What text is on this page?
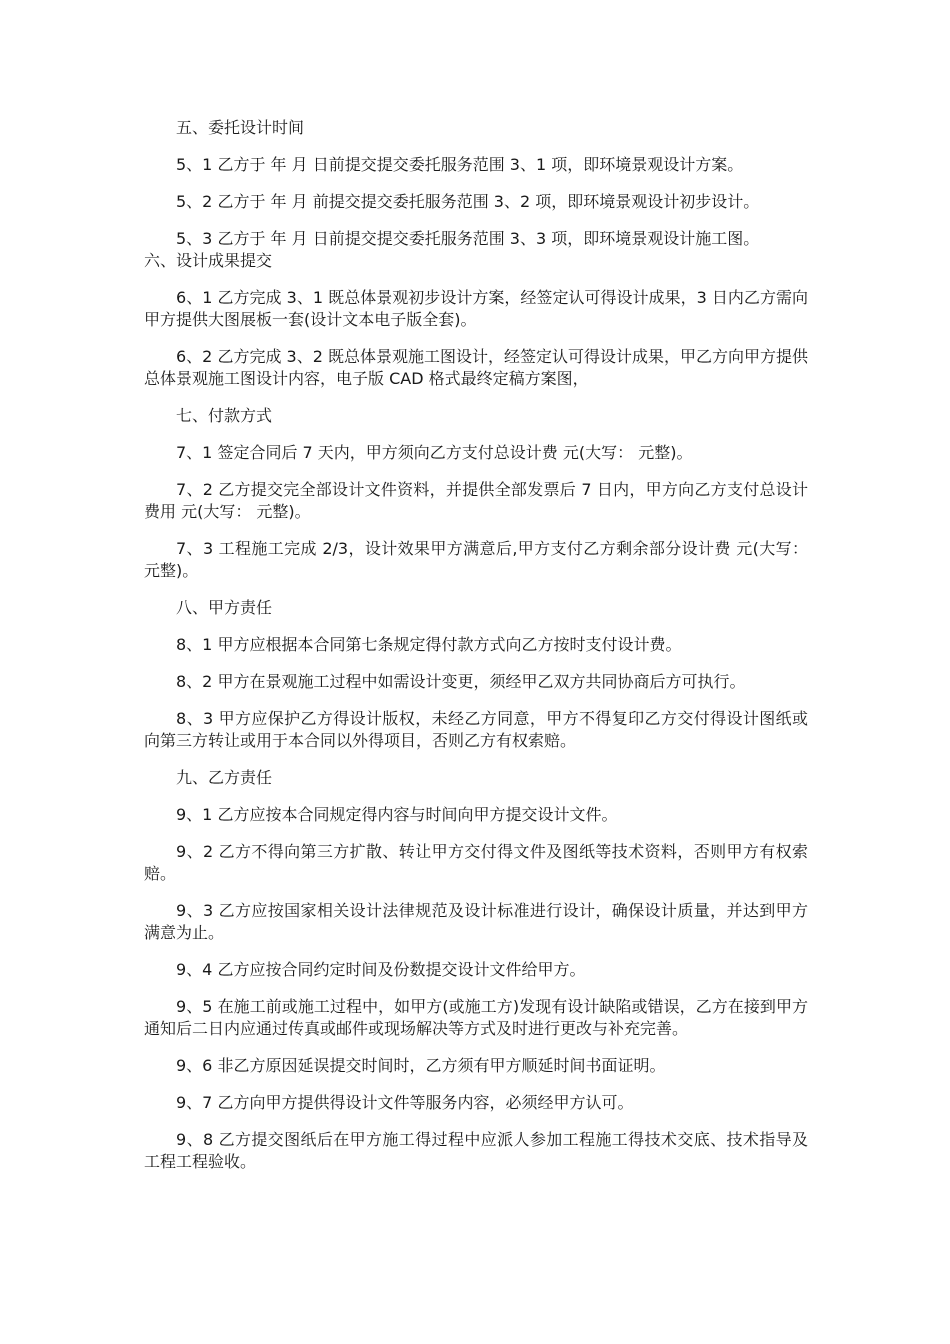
五、委托设计时间

5、1 乙方于 年 月 日前提交提交委托服务范围 3、1 项，即环境景观设计方案。

5、2 乙方于 年 月 前提交提交委托服务范围 3、2 项，即环境景观设计初步设计。

5、3 乙方于 年 月 日前提交提交委托服务范围 3、3 项，即环境景观设计施工图。

六、设计成果提交

6、1 乙方完成 3、1 既总体景观初步设计方案，经签定认可得设计成果，3 日内乙方需向甲方提供大图展板一套(设计文本电子版全套)。

6、2 乙方完成 3、2 既总体景观施工图设计，经签定认可得设计成果，甲乙方向甲方提供总体景观施工图设计内容，电子版 CAD 格式最终定稿方案图，

七、付款方式

7、1 签定合同后 7 天内，甲方须向乙方支付总设计费 元(大写： 元整)。

7、2 乙方提交完全部设计文件资料，并提供全部发票后 7 日内，甲方向乙方支付总设计费用 元(大写： 元整)。

7、3 工程施工完成 2/3，设计效果甲方满意后,甲方支付乙方剩余部分设计费 元(大写：元整)。

八、甲方责任

8、1 甲方应根据本合同第七条规定得付款方式向乙方按时支付设计费。

8、2 甲方在景观施工过程中如需设计变更，须经甲乙双方共同协商后方可执行。

8、3 甲方应保护乙方得设计版权，未经乙方同意，甲方不得复印乙方交付得设计图纸或向第三方转让或用于本合同以外得项目，否则乙方有权索赔。

九、乙方责任

9、1 乙方应按本合同规定得内容与时间向甲方提交设计文件。

9、2 乙方不得向第三方扩散、转让甲方交付得文件及图纸等技术资料，否则甲方有权索赔。

9、3 乙方应按国家相关设计法律规范及设计标准进行设计，确保设计质量，并达到甲方满意为止。

9、4 乙方应按合同约定时间及份数提交设计文件给甲方。

9、5 在施工前或施工过程中，如甲方(或施工方)发现有设计缺陷或错误，乙方在接到甲方通知后二日内应通过传真或邮件或现场解决等方式及时进行更改与补充完善。

9、6 非乙方原因延误提交时间时，乙方须有甲方顺延时间书面证明。

9、7 乙方向甲方提供得设计文件等服务内容，必须经甲方认可。

9、8 乙方提交图纸后在甲方施工得过程中应派人参加工程施工得技术交底、技术指导及工程工程验收。
